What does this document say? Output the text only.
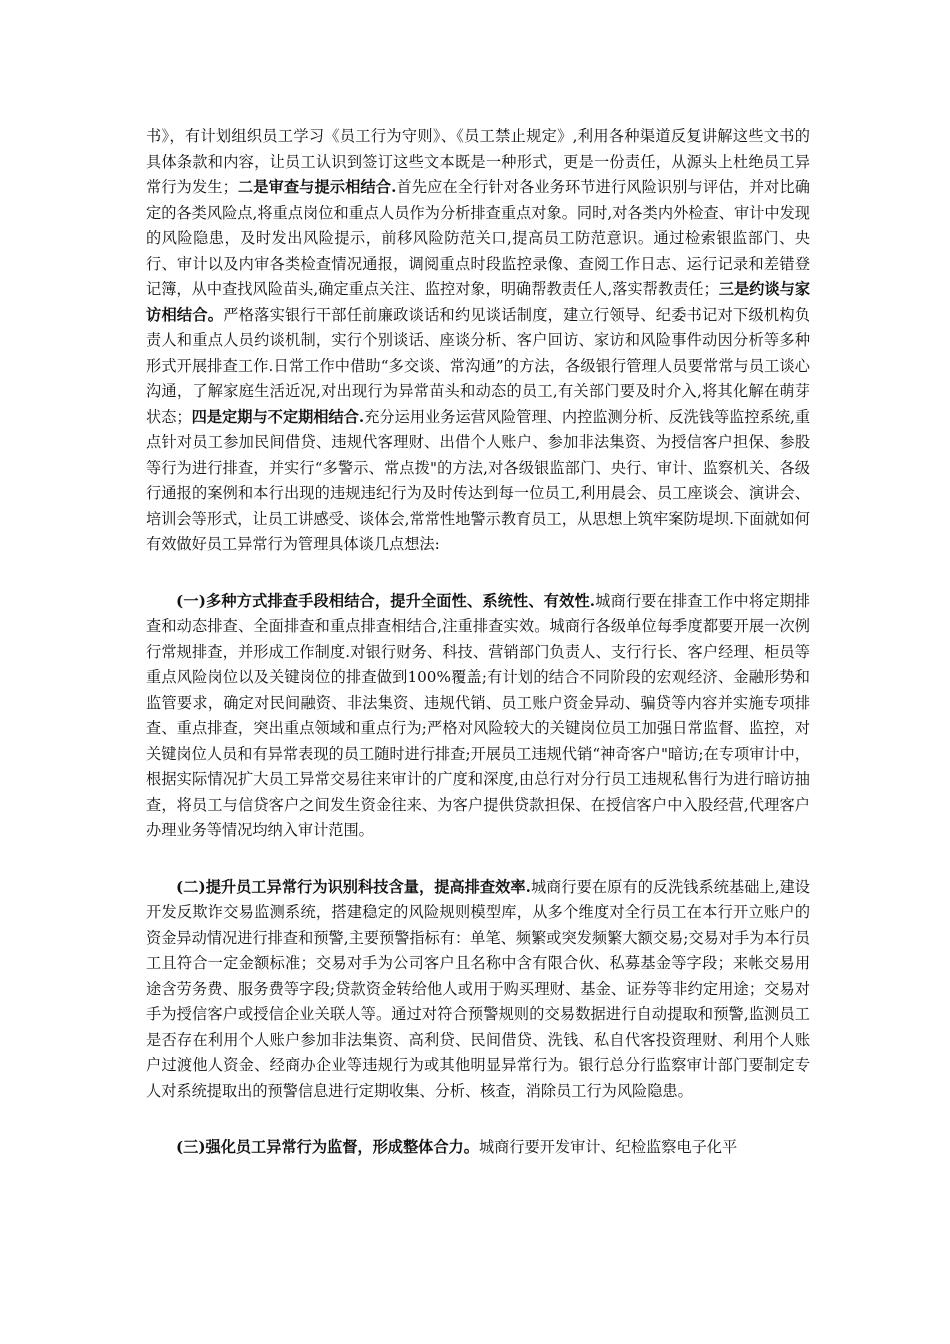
书》，有计划组织员工学习《员工行为守则》、《员工禁止规定》,利用各种渠道反复讲解这些文书的具体条款和内容，让员工认识到签订这些文本既是一种形式，更是一份责任，从源头上杜绝员工异常行为发生；二是审查与提示相结合.首先应在全行针对各业务环节进行风险识别与评估，并对比确定的各类风险点,将重点岗位和重点人员作为分析排查重点对象。同时,对各类内外检查、审计中发现的风险隐患，及时发出风险提示，前移风险防范关口,提高员工防范意识。通过检索银监部门、央行、审计以及内审各类检查情况通报，调阅重点时段监控录像、查阅工作日志、运行记录和差错登记簿，从中查找风险苗头,确定重点关注、监控对象，明确帮教责任人,落实帮教责任；三是约谈与家访相结合。严格落实银行干部任前廉政谈话和约见谈话制度，建立行领导、纪委书记对下级机构负责人和重点人员约谈机制，实行个别谈话、座谈分析、客户回访、家访和风险事件动因分析等多种形式开展排查工作.日常工作中借助“多交谈、常沟通”的方法，各级银行管理人员要常常与员工谈心沟通，了解家庭生活近况,对出现行为异常苗头和动态的员工,有关部门要及时介入,将其化解在萌芽状态；四是定期与不定期相结合.充分运用业务运营风险管理、内控监测分析、反洗钱等监控系统,重点针对员工参加民间借贷、违规代客理财、出借个人账户、参加非法集资、为授信客户担保、参股等行为进行排查，并实行“多警示、常点拨"的方法,对各级银监部门、央行、审计、监察机关、各级行通报的案例和本行出现的违规违纪行为及时传达到每一位员工,利用晨会、员工座谈会、演讲会、培训会等形式，让员工讲感受、谈体会,常常性地警示教育员工，从思想上筑牢案防堤坝.下面就如何有效做好员工异常行为管理具体谈几点想法:

(一)多种方式排查手段相结合，提升全面性、系统性、有效性.城商行要在排查工作中将定期排查和动态排查、全面排查和重点排查相结合,注重排查实效。城商行各级单位每季度都要开展一次例行常规排查，并形成工作制度.对银行财务、科技、营销部门负责人、支行行长、客户经理、柜员等重点风险岗位以及关键岗位的排查做到100%覆盖;有计划的结合不同阶段的宏观经济、金融形势和监管要求，确定对民间融资、非法集资、违规代销、员工账户资金异动、骗贷等内容并实施专项排查、重点排查，突出重点领域和重点行为;严格对风险较大的关键岗位员工加强日常监督、监控，对关键岗位人员和有异常表现的员工随时进行排查;开展员工违规代销“神奇客户"暗访;在专项审计中，根据实际情况扩大员工异常交易往来审计的广度和深度,由总行对分行员工违规私售行为进行暗访抽查，将员工与信贷客户之间发生资金往来、为客户提供贷款担保、在授信客户中入股经营,代理客户办理业务等情况均纳入审计范围。

(二)提升员工异常行为识别科技含量，提高排查效率.城商行要在原有的反洗钱系统基础上,建设开发反欺诈交易监测系统，搭建稳定的风险规则模型库，从多个维度对全行员工在本行开立账户的资金异动情况进行排查和预警,主要预警指标有：单笔、频繁或突发频繁大额交易;交易对手为本行员工且符合一定金额标准；交易对手为公司客户且名称中含有限合伙、私募基金等字段；来帐交易用途含劳务费、服务费等字段;贷款资金转给他人或用于购买理财、基金、证券等非约定用途；交易对手为授信客户或授信企业关联人等。通过对符合预警规则的交易数据进行自动提取和预警,监测员工是否存在利用个人账户参加非法集资、高利贷、民间借贷、洗钱、私自代客投资理财、利用个人账户过渡他人资金、经商办企业等违规行为或其他明显异常行为。银行总分行监察审计部门要制定专人对系统提取出的预警信息进行定期收集、分析、核查，消除员工行为风险隐患。

(三)强化员工异常行为监督，形成整体合力。城商行要开发审计、纪检监察电子化平
